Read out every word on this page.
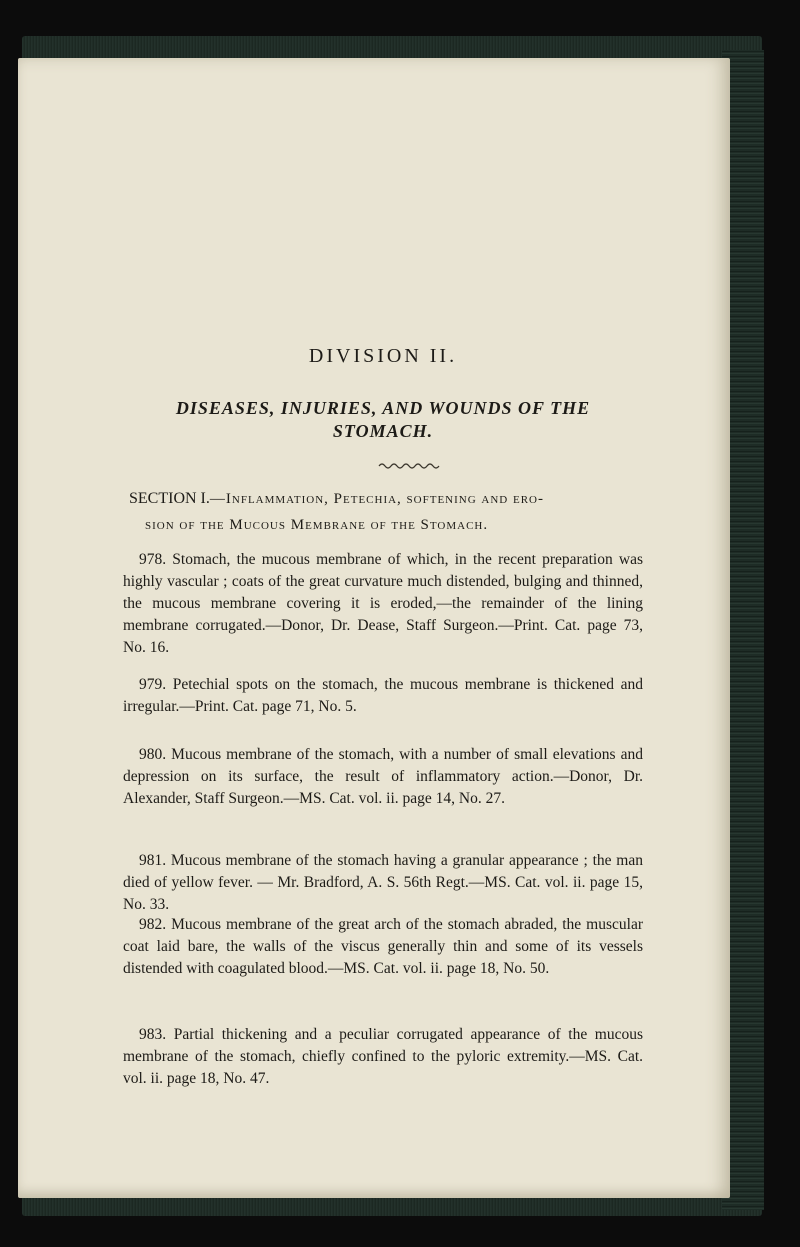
DIVISION II.
DISEASES, INJURIES, AND WOUNDS OF THE
STOMACH.
SECTION I.—Inflammation, Petechia, softening and ero-
sion of the Mucous Membrane of the Stomach.

978. Stomach, the mucous membrane of which, in the recent preparation was highly vascular ; coats of the great curvature much distended, bulging and thinned, the mucous membrane covering it is eroded,—the remainder of the lining membrane corrugated.—Donor, Dr. Dease, Staff Surgeon.—Print. Cat. page 73, No. 16.

979. Petechial spots on the stomach, the mucous membrane is thickened and irregular.—Print. Cat. page 71, No. 5.

980. Mucous membrane of the stomach, with a number of small elevations and depression on its surface, the result of inflammatory action.—Donor, Dr. Alexander, Staff Surgeon.—MS. Cat. vol. ii. page 14, No. 27.

981. Mucous membrane of the stomach having a granular appearance ; the man died of yellow fever. — Mr. Bradford, A. S. 56th Regt.—MS. Cat. vol. ii. page 15, No. 33.

982. Mucous membrane of the great arch of the stomach abraded, the muscular coat laid bare, the walls of the viscus generally thin and some of its vessels distended with coagulated blood.—MS. Cat. vol. ii. page 18, No. 50.

983. Partial thickening and a peculiar corrugated appearance of the mucous membrane of the stomach, chiefly confined to the pyloric extremity.—MS. Cat. vol. ii. page 18, No. 47.
